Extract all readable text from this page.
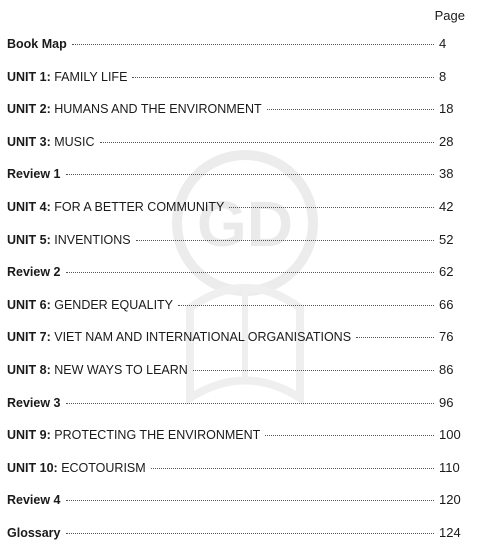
GD
Page
Book Map	4
UNIT 1: FAMILY LIFE	8
UNIT 2: HUMANS AND THE ENVIRONMENT	18
UNIT 3: MUSIC	28
Review 1	38
UNIT 4: FOR A BETTER COMMUNITY	42
UNIT 5: INVENTIONS	52
Review 2	62
UNIT 6: GENDER EQUALITY	66
UNIT 7: VIET NAM AND INTERNATIONAL ORGANISATIONS	76
UNIT 8: NEW WAYS TO LEARN	86
Review 3	96
UNIT 9: PROTECTING THE ENVIRONMENT	100
UNIT 10: ECOTOURISM	110
Review 4	120
Glossary	124
